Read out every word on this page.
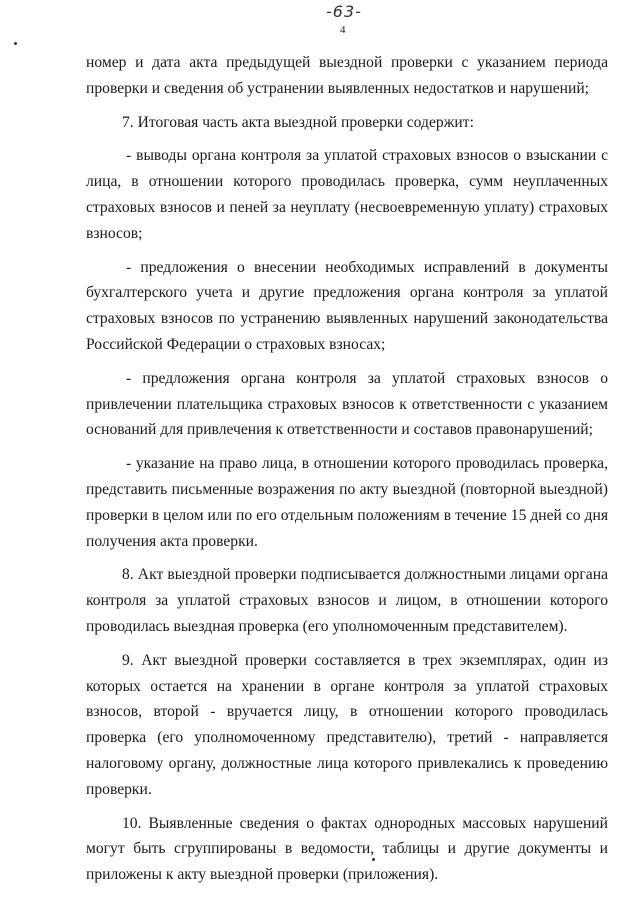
-63-
4

номер и дата акта предыдущей выездной проверки с указанием периода проверки и сведения об устранении выявленных недостатков и нарушений;

7. Итоговая часть акта выездной проверки содержит:

- выводы органа контроля за уплатой страховых взносов о взыскании с лица, в отношении которого проводилась проверка, сумм неуплаченных страховых взносов и пеней за неуплату (несвоевременную уплату) страховых взносов;

- предложения о внесении необходимых исправлений в документы бухгалтерского учета и другие предложения органа контроля за уплатой страховых взносов по устранению выявленных нарушений законодательства Российской Федерации о страховых взносах;

- предложения органа контроля за уплатой страховых взносов о привлечении плательщика страховых взносов к ответственности с указанием оснований для привлечения к ответственности и составов правонарушений;

- указание на право лица, в отношении которого проводилась проверка, представить письменные возражения по акту выездной (повторной выездной) проверки в целом или по его отдельным положениям в течение 15 дней со дня получения акта проверки.

8. Акт выездной проверки подписывается должностными лицами органа контроля за уплатой страховых взносов и лицом, в отношении которого проводилась выездная проверка (его уполномоченным представителем).

9. Акт выездной проверки составляется в трех экземплярах, один из которых остается на хранении в органе контроля за уплатой страховых взносов, второй - вручается лицу, в отношении которого проводилась проверка (его уполномоченному представителю), третий - направляется налоговому органу, должностные лица которого привлекались к проведению проверки.

10. Выявленные сведения о фактах однородных массовых нарушений могут быть сгруппированы в ведомости, таблицы и другие документы и приложены к акту выездной проверки (приложения).
